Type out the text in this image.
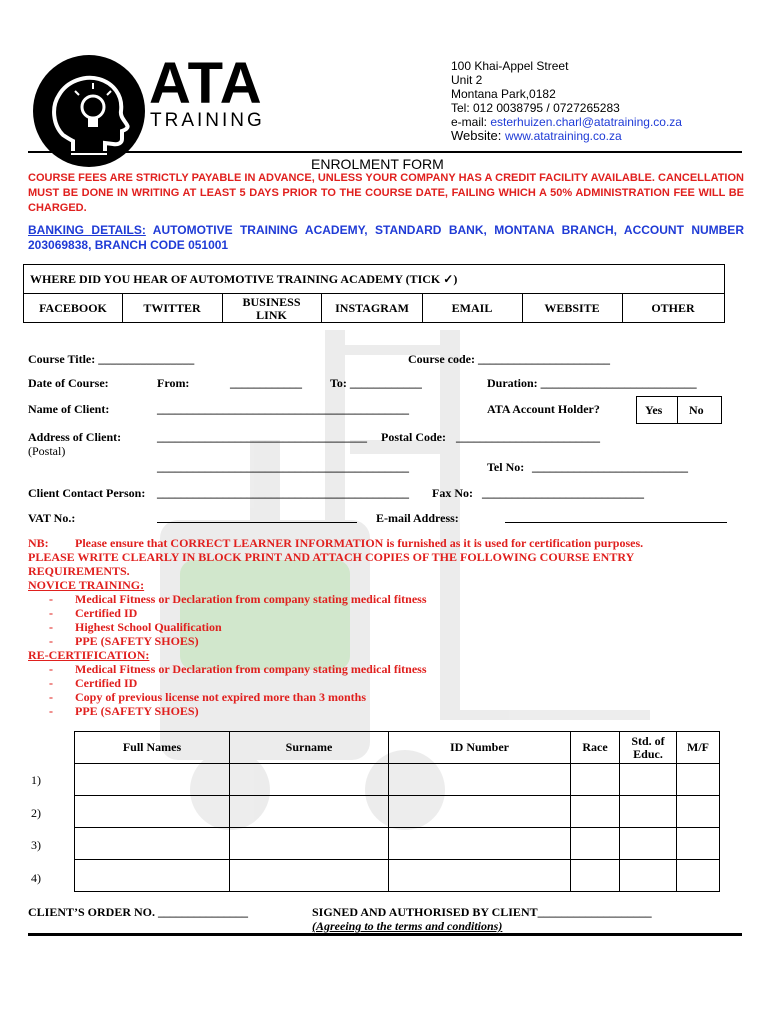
ATA
TRAINING
100 Khai-Appel Street
Unit 2
Montana Park,0182
Tel: 012 0038795 / 0727265283
e-mail: esterhuizen.charl@atatraining.co.za
Website: www.atatraining.co.za
ENROLMENT FORM
COURSE FEES ARE STRICTLY PAYABLE IN ADVANCE, UNLESS YOUR COMPANY HAS A CREDIT FACILITY AVAILABLE. CANCELLATION MUST BE DONE IN WRITING AT LEAST 5 DAYS PRIOR TO THE COURSE DATE, FAILING WHICH A 50% ADMINISTRATION FEE WILL BE CHARGED.
BANKING DETAILS: AUTOMOTIVE TRAINING ACADEMY, STANDARD BANK, MONTANA BRANCH, ACCOUNT NUMBER 203069838, BRANCH CODE 051001
WHERE DID YOU HEAR OF AUTOMOTIVE TRAINING ACADEMY (TICK ✓)
FACEBOOK	TWITTER	BUSINESS LINK	INSTAGRAM	EMAIL	WEBSITE	OTHER
Course Title: ________________	Course code: ______________________
Date of Course:	From:	____________ To: ____________	Duration: __________________________
Name of Client:	__________________________________________	ATA Account Holder?	Yes No
Address of Client:
(Postal)
___________________________________ Postal Code: ________________________
__________________________________________	Tel No: __________________________
Client Contact Person: __________________________________________ Fax No: ___________________________
VAT No.:	E-mail Address:
NB: Please ensure that CORRECT LEARNER INFORMATION is furnished as it is used for certification purposes.
PLEASE WRITE CLEARLY IN BLOCK PRINT AND ATTACH COPIES OF THE FOLLOWING COURSE ENTRY
REQUIREMENTS.
NOVICE TRAINING:
- Medical Fitness or Declaration from company stating medical fitness
- Certified ID
- Highest School Qualification
- PPE (SAFETY SHOES)
RE-CERTIFICATION:
- Medical Fitness or Declaration from company stating medical fitness
- Certified ID
- Copy of previous license not expired more than 3 months
- PPE (SAFETY SHOES)
Full Names	Surname	ID Number	Race	Std. of Educ.	M/F

1)
2)
3)
4)
CLIENT’S ORDER NO. _______________	SIGNED AND AUTHORISED BY CLIENT___________________
(Agreeing to the terms and conditions)
